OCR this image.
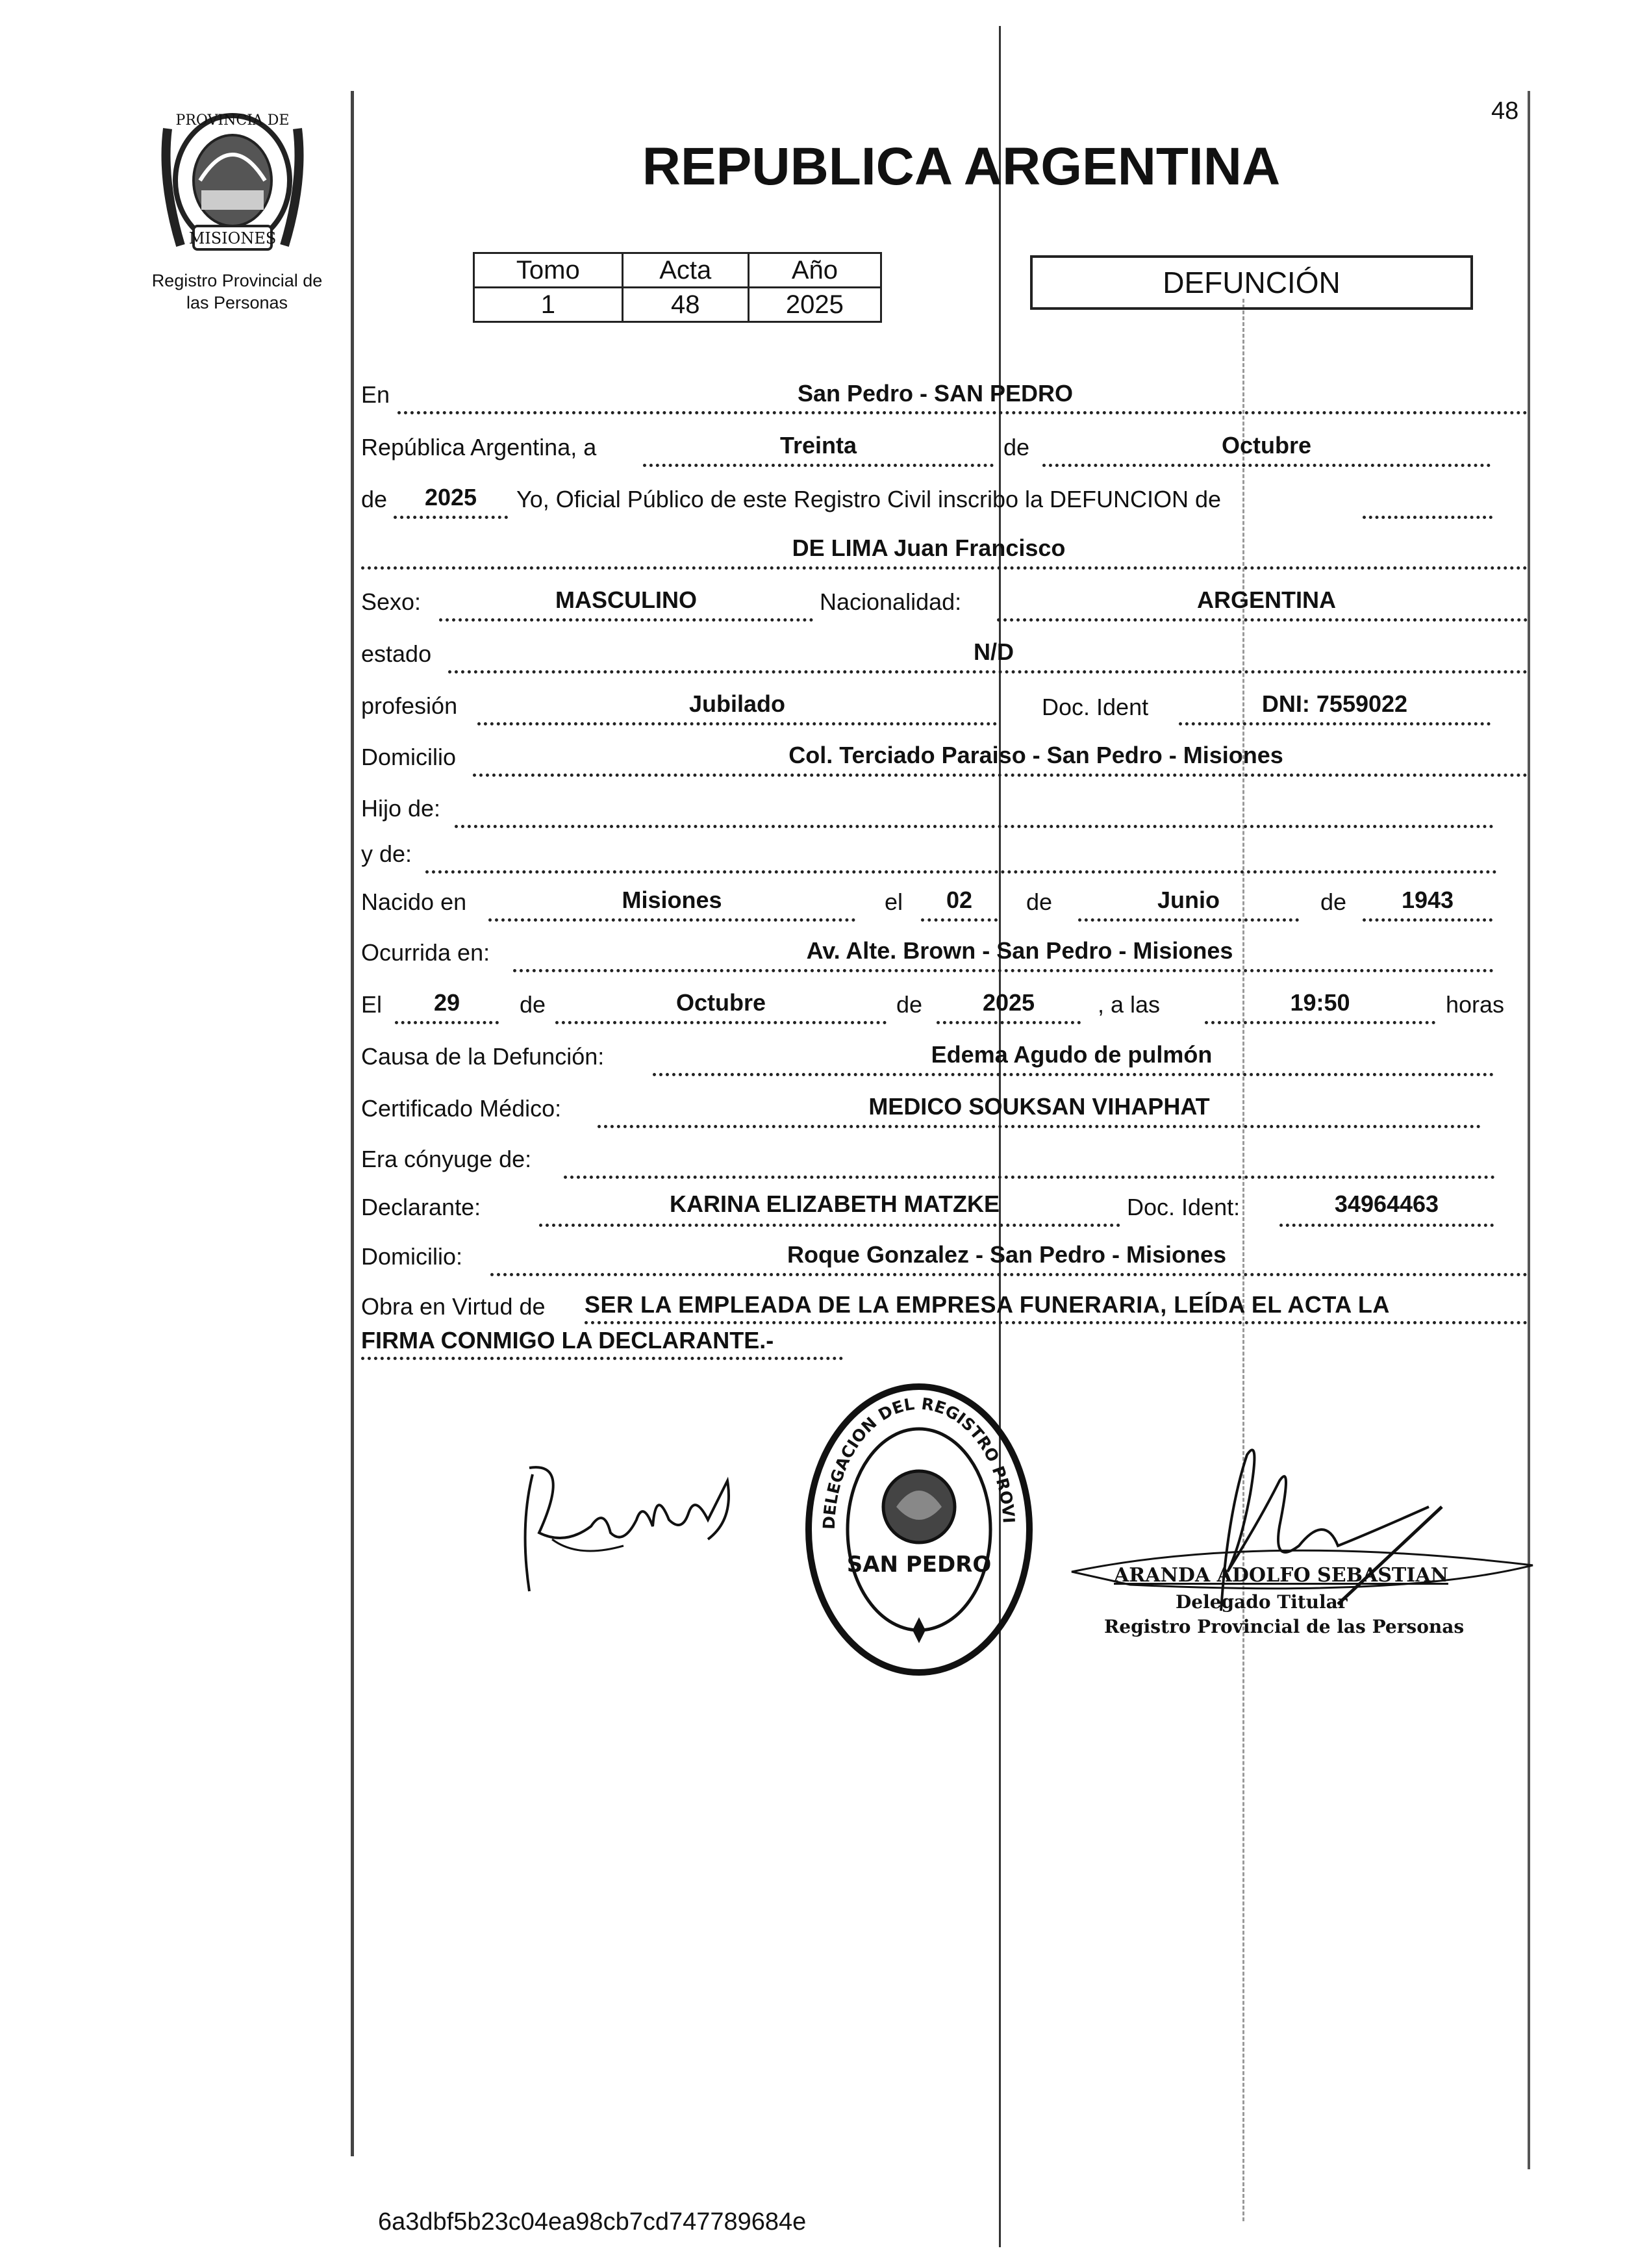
48
PROVINCIA DE
MISIONES
Registro Provincial de
las Personas
REPUBLICA ARGENTINA
Tomo	Acta	Año
1	48	2025
DEFUNCIÓN
En	San Pedro - SAN PEDRO
República Argentina, a	Treinta	de	Octubre
de	2025	Yo, Oficial Público de este Registro Civil inscribo la DEFUNCION de
DE LIMA Juan Francisco
Sexo:	MASCULINO	Nacionalidad:	ARGENTINA
estado	N/D
profesión	Jubilado	Doc. Ident	DNI: 7559022
Domicilio	Col. Terciado Paraiso - San Pedro - Misiones
Hijo de:
y de:
Nacido en	Misiones	el	02	de	Junio	de	1943
Ocurrida en:	Av. Alte. Brown - San Pedro - Misiones
El	29	de	Octubre	de	2025	, a las	19:50	horas
Causa de la Defunción:	Edema Agudo de pulmón
Certificado Médico:	MEDICO SOUKSAN VIHAPHAT
Era cónyuge de:
Declarante:	KARINA ELIZABETH MATZKE	Doc. Ident:	34964463
Domicilio:	Roque Gonzalez - San Pedro - Misiones
Obra en Virtud de SER LA EMPLEADA DE LA EMPRESA FUNERARIA, LEÍDA EL ACTA LA
FIRMA CONMIGO LA DECLARANTE.-
DELEGACION DEL REGISTRO PROVI
SAN PEDRO	ARANDA ADOLFO SEBASTIAN
Delegado Titular
Registro Provincial de las Personas
6a3dbf5b23c04ea98cb7cd747789684e
